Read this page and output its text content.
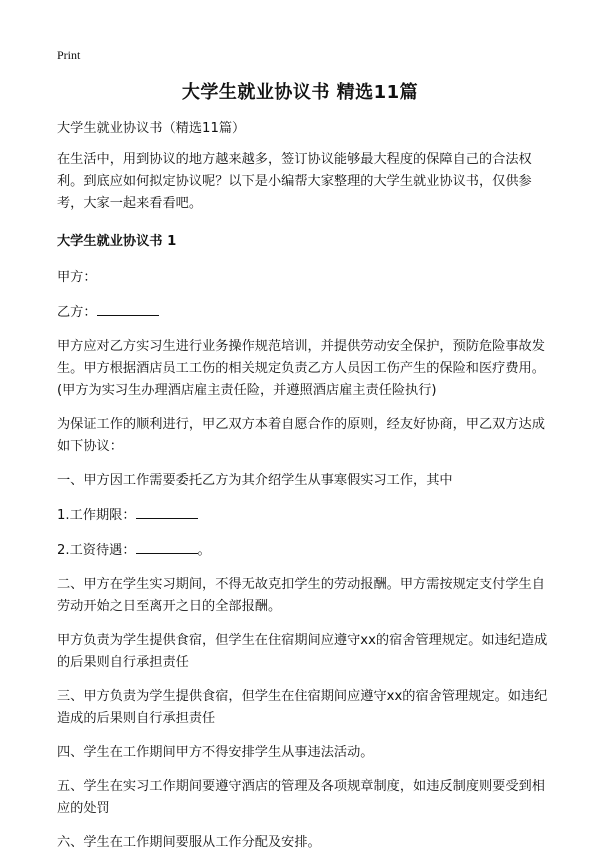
Print
大学生就业协议书 精选11篇

大学生就业协议书（精选11篇）

在生活中，用到协议的地方越来越多，签订协议能够最大程度的保障自己的合法权利。到底应如何拟定协议呢？以下是小编帮大家整理的大学生就业协议书，仅供参考，大家一起来看看吧。

大学生就业协议书 1

甲方：

乙方：

甲方应对乙方实习生进行业务操作规范培训，并提供劳动安全保护，预防危险事故发生。甲方根据酒店员工工伤的相关规定负责乙方人员因工伤产生的保险和医疗费用。(甲方为实习生办理酒店雇主责任险，并遵照酒店雇主责任险执行)

为保证工作的顺利进行，甲乙双方本着自愿合作的原则，经友好协商，甲乙双方达成如下协议：

一、甲方因工作需要委托乙方为其介绍学生从事寒假实习工作，其中

1.工作期限：

2.工资待遇：	。

二、甲方在学生实习期间，不得无故克扣学生的劳动报酬。甲方需按规定支付学生自劳动开始之日至离开之日的全部报酬。

甲方负责为学生提供食宿，但学生在住宿期间应遵守xx的宿舍管理规定。如违纪造成的后果则自行承担责任

三、甲方负责为学生提供食宿，但学生在住宿期间应遵守xx的宿舍管理规定。如违纪造成的后果则自行承担责任

四、学生在工作期间甲方不得安排学生从事违法活动。

五、学生在实习工作期间要遵守酒店的管理及各项规章制度，如违反制度则要受到相应的处罚

六、学生在工作期间要服从工作分配及安排。
